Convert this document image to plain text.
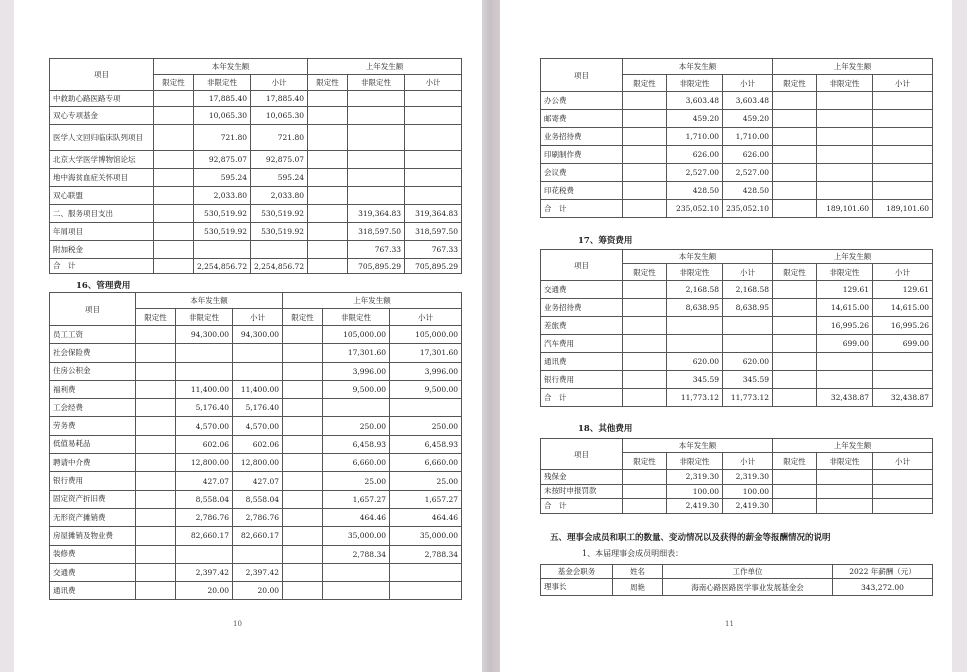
项目	本年发生额			上年发生额		
	限定性	非限定性	小计	限定性	非限定性	小计
中救助心路医路专项		17,885.40	17,885.40			
双心专项基金		10,065.30	10,065.30			
医学人文回归临床队列项目		721.80	721.80			
北京大学医学博物馆论坛		92,875.07	92,875.07			
地中海贫血症关怀项目		595.24	595.24			
双心联盟		2,033.80	2,033.80			
二、服务项目支出		530,519.92	530,519.92		319,364.83	319,364.83
年屑项目		530,519.92	530,519.92		318,597.50	318,597.50
附加税金					767.33	767.33
合　计		2,254,856.72	2,254,856.72		705,895.29	705,895.29
16、管理费用
项目	本年发生额			上年发生额		
	限定性	非限定性	小计	限定性	非限定性	小计
员工工资		94,300.00	94,300.00		105,000.00	105,000.00
社会保险费					17,301.60	17,301.60
住房公积金					3,996.00	3,996.00
福利费		11,400.00	11,400.00		9,500.00	9,500.00
工会经费		5,176.40	5,176.40			
劳务费		4,570.00	4,570.00		250.00	250.00
低值易耗品		602.06	602.06		6,458.93	6,458.93
聘请中介费		12,800.00	12,800.00		6,660.00	6,660.00
银行费用		427.07	427.07		25.00	25.00
固定资产折旧费		8,558.04	8,558.04		1,657.27	1,657.27
无形资产摊销费		2,786.76	2,786.76		464.46	464.46
房屋摊销及物业费		82,660.17	82,660.17		35,000.00	35,000.00
装修费					2,788.34	2,788.34
交通费		2,397.42	2,397.42			
通讯费		20.00	20.00			
10
项目	本年发生额			上年发生额		
	限定性	非限定性	小计	限定性	非限定性	小计
办公费		3,603.48	3,603.48			
邮寄费		459.20	459.20			
业务招待费		1,710.00	1,710.00			
印刷制作费		626.00	626.00			
会议费		2,527.00	2,527.00			
印花税费		428.50	428.50			
合　计		235,052.10	235,052.10		189,101.60	189,101.60
17、筹资费用
项目	本年发生额			上年发生额		
	限定性	非限定性	小计	限定性	非限定性	小计
交通费		2,168.58	2,168.58		129.61	129.61
业务招待费		8,638.95	8,638.95		14,615.00	14,615.00
差旅费					16,995.26	16,995.26
汽车费用					699.00	699.00
通讯费		620.00	620.00			
银行费用		345.59	345.59			
合　计		11,773.12	11,773.12		32,438.87	32,438.87
18、其他费用
项目	本年发生额			上年发生额		
	限定性	非限定性	小计	限定性	非限定性	小计
残保金		2,319.30	2,319.30			
未按时申报罚款		100.00	100.00			
合　计		2,419.30	2,419.30			
五、理事会成员和职工的数量、变动情况以及获得的薪金等报酬情况的说明
1、本届理事会成员明细表：
基金会职务	姓名	工作单位	2022 年薪酬（元）
理事长	周艳	海南心路医路医学事业发展基金会	343,272.00
11
